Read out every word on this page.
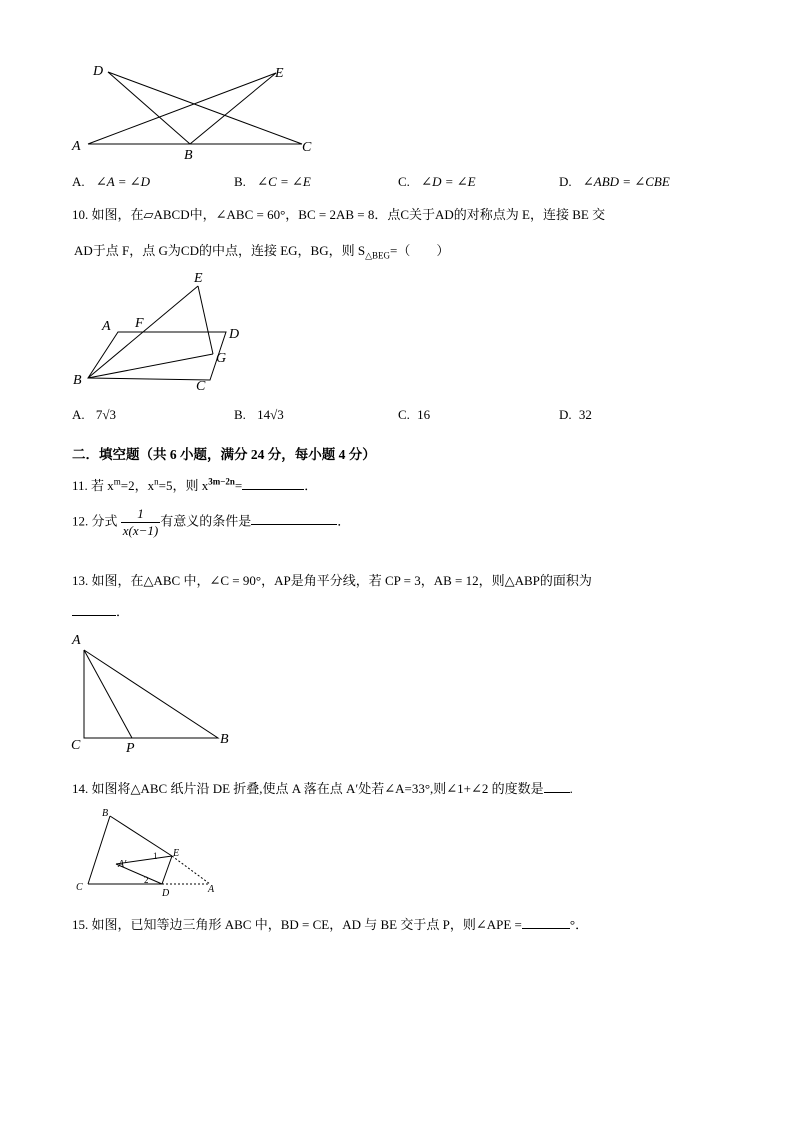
D	E
A
B
C
A. ∠A = ∠D	B. ∠C = ∠E	C. ∠D = ∠E	D. ∠ABD = ∠CBE
10. 如图，在▱ABCD中，∠ABC = 60°，BC = 2AB = 8．点C关于AD的对称点为 E，连接 BE 交
AD于点 F，点 G为CD的中点，连接 EG，BG，则 $S_{\triangle BEG}=$（　　）
E
A F
D
G
B	C
A. 7√3	B. 14√3	C. 16	D. 32
二．填空题（共 6 小题，满分 24 分，每小题 4 分）
11. 若 $x^m=2$，$x^n=5$，则 $x^{3m-2n}=$	．
12. 分式 $\frac{1}{x(x-1)}$ 有意义的条件是	．
13. 如图，在△ABC 中，∠C = 90°，AP是角平分线，若 CP = 3，AB = 12，则△ABP的面积为
．
A
C	P
B
14. 如图将△ABC 纸片沿 DE 折叠,使点 A 落在点 A′处若∠A=33°,则∠1+∠2 的度数是 .
B
E
A′
1
2
C
D	A
15. 如图，已知等边三角形 ABC 中，BD = CE，AD 与 BE 交于点 P，则∠APE =	°．
